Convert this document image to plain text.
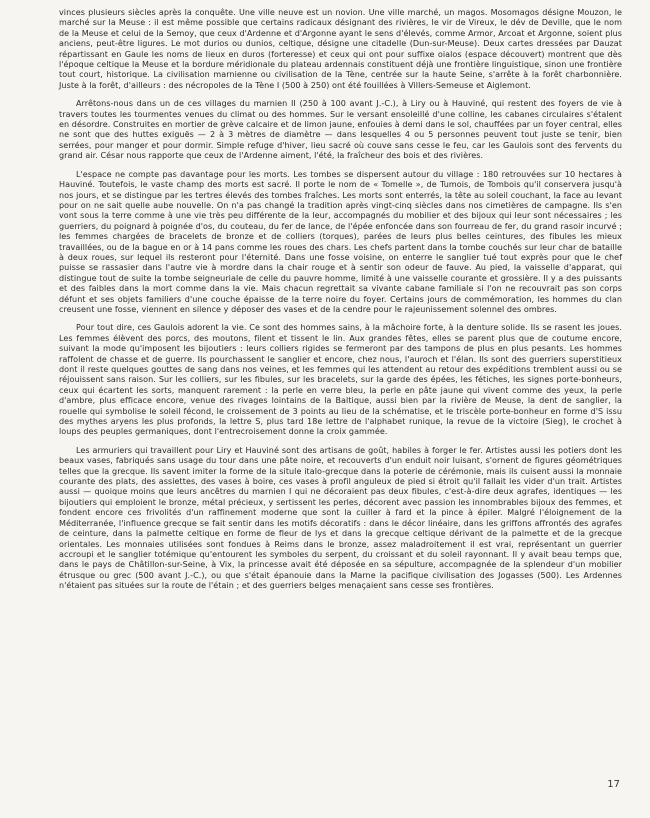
vinces plusieurs siècles après la conquête. Une ville neuve est un novion. Une ville marché, un magos. Mosomagos désigne Mouzon, le marché sur la Meuse : il est même possible que certains radicaux désignant des rivières, le vir de Vireux, le dév de Deville, que le nom de la Meuse et celui de la Semoy, que ceux d'Ardenne et d'Argonne ayant le sens d'élevés, comme Armor, Arcoat et Argonne, soient plus anciens, peut-être ligures. Le mot durios ou dunios, celtique, désigne une citadelle (Dun-sur-Meuse). Deux cartes dressées par Dauzat répartissant en Gaule les noms de lieux en duros (forteresse) et ceux qui ont pour suffixe oialos (espace découvert) montrent que dès l'époque celtique la Meuse et la bordure méridionale du plateau ardennais constituent déjà une frontière linguistique, sinon une frontière tout court, historique. La civilisation marnienne ou civilisation de la Tène, centrée sur la haute Seine, s'arrête à la forêt charbonnière. Juste à la forêt, d'ailleurs : des nécropoles de la Tène I (500 à 250) ont été fouillées à Villers-Semeuse et Aiglemont.

Arrêtons-nous dans un de ces villages du marnien II (250 à 100 avant J.-C.), à Liry ou à Hauviné, qui restent des foyers de vie à travers toutes les tourmentes venues du climat ou des hommes. Sur le versant ensoleillé d'une colline, les cabanes circulaires s'étalent en désordre. Construites en mortier de grève calcaire et de limon jaune, enfouies à demi dans le sol, chauffées par un foyer central, elles ne sont que des huttes exiguës — 2 à 3 mètres de diamètre — dans lesquelles 4 ou 5 personnes peuvent tout juste se tenir, bien serrées, pour manger et pour dormir. Simple refuge d'hiver, lieu sacré où couve sans cesse le feu, car les Gaulois sont des fervents du grand air. César nous rapporte que ceux de l'Ardenne aiment, l'été, la fraîcheur des bois et des rivières.

L'espace ne compte pas davantage pour les morts. Les tombes se dispersent autour du village : 180 retrouvées sur 10 hectares à Hauviné. Toutefois, le vaste champ des morts est sacré. Il porte le nom de « Tomelle », de Tumois, de Tombois qu'il conservera jusqu'à nos jours, et se distingue par les tertres élevés des tombes fraîches. Les morts sont enterrés, la tête au soleil couchant, la face au levant pour on ne sait quelle aube nouvelle. On n'a pas changé la tradition après vingt-cinq siècles dans nos cimetières de campagne. Ils s'en vont sous la terre comme à une vie très peu différente de la leur, accompagnés du mobilier et des bijoux qui leur sont nécessaires ; les guerriers, du poignard à poignée d'os, du couteau, du fer de lance, de l'épée enfoncée dans son fourreau de fer, du grand rasoir incurvé ; les femmes chargées de bracelets de bronze et de colliers (torques), parées de leurs plus belles ceintures, des fibules les mieux travaillées, ou de la bague en or à 14 pans comme les roues des chars. Les chefs partent dans la tombe couchés sur leur char de bataille à deux roues, sur lequel ils resteront pour l'éternité. Dans une fosse voisine, on enterre le sanglier tué tout exprès pour que le chef puisse se rassasier dans l'autre vie à mordre dans la chair rouge et à sentir son odeur de fauve. Au pied, la vaisselle d'apparat, qui distingue tout de suite la tombe seigneuriale de celle du pauvre homme, limité à une vaisselle courante et grossière. Il y a des puissants et des faibles dans la mort comme dans la vie. Mais chacun regrettait sa vivante cabane familiale si l'on ne recouvrait pas son corps défunt et ses objets familiers d'une couche épaisse de la terre noire du foyer. Certains jours de commémoration, les hommes du clan creusent une fosse, viennent en silence y déposer des vases et de la cendre pour le rajeunissement solennel des ombres.

Pour tout dire, ces Gaulois adorent la vie. Ce sont des hommes sains, à la mâchoire forte, à la denture solide. Ils se rasent les joues. Les femmes élèvent des porcs, des moutons, filent et tissent le lin. Aux grandes fêtes, elles se parent plus que de coutume encore, suivant la mode qu'imposent les bijoutiers : leurs colliers rigides se fermeront par des tampons de plus en plus pesants. Les hommes raffolent de chasse et de guerre. Ils pourchassent le sanglier et encore, chez nous, l'auroch et l'élan. Ils sont des guerriers superstitieux dont il reste quelques gouttes de sang dans nos veines, et les femmes qui les attendent au retour des expéditions tremblent aussi ou se réjouissent sans raison. Sur les colliers, sur les fibules, sur les bracelets, sur la garde des épées, les fétiches, les signes porte-bonheurs, ceux qui écartent les sorts, manquent rarement : la perle en verre bleu, la perle en pâte jaune qui vivent comme des yeux, la perle d'ambre, plus efficace encore, venue des rivages lointains de la Baltique, aussi bien par la rivière de Meuse, la dent de sanglier, la rouelle qui symbolise le soleil fécond, le croissement de 3 points au lieu de la schématise, et le triscèle porte-bonheur en forme d'S issu des mythes aryens les plus profonds, la lettre S, plus tard 18e lettre de l'alphabet runique, la revue de la victoire (Sieg), le crochet à loups des peuples germaniques, dont l'entrecroisement donne la croix gammée.

Les armuriers qui travaillent pour Liry et Hauviné sont des artisans de goût, habiles à forger le fer. Artistes aussi les potiers dont les beaux vases, fabriqués sans usage du tour dans une pâte noire, et recouverts d'un enduit noir luisant, s'ornent de figures géométriques telles que la grecque. Ils savent imiter la forme de la situle italo-grecque dans la poterie de cérémonie, mais ils cuisent aussi la monnaie courante des plats, des assiettes, des vases à boire, ces vases à profil anguleux de pied si étroit qu'il fallait les vider d'un trait. Artistes aussi — quoique moins que leurs ancêtres du marnien I qui ne décoraient pas deux fibules, c'est-à-dire deux agrafes, identiques — les bijoutiers qui emploient le bronze, métal précieux, y sertissent les perles, décorent avec passion les innombrables bijoux des femmes, et fondent encore ces frivolités d'un raffinement moderne que sont la cuiller à fard et la pince à épiler. Malgré l'éloignement de la Méditerranée, l'influence grecque se fait sentir dans les motifs décoratifs : dans le décor linéaire, dans les griffons affrontés des agrafes de ceinture, dans la palmette celtique en forme de fleur de lys et dans la grecque celtique dérivant de la palmette et de la grecque orientales. Les monnaies utilisées sont fondues à Reims dans le bronze, assez maladroitement il est vrai, représentant un guerrier accroupi et le sanglier totémique qu'entourent les symboles du serpent, du croissant et du soleil rayonnant. Il y avait beau temps que, dans le pays de Châtillon-sur-Seine, à Vix, la princesse avait été déposée en sa sépulture, accompagnée de la splendeur d'un mobilier étrusque ou grec (500 avant J.-C.), ou que s'était épanouie dans la Marne la pacifique civilisation des Jogasses (500). Les Ardennes n'étaient pas situées sur la route de l'étain ; et des guerriers belges menaçaient sans cesse ses frontières.

17
